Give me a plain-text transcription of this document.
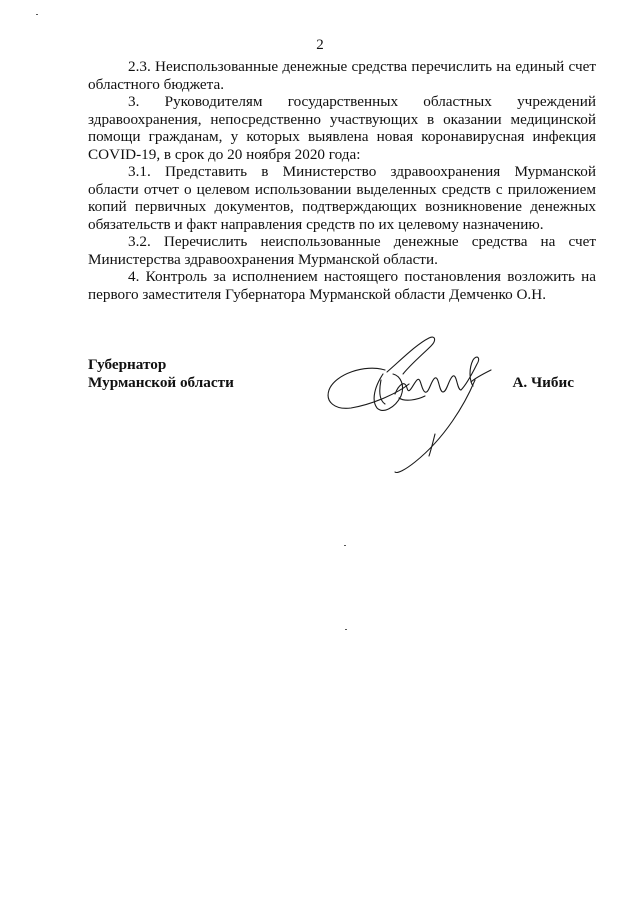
2

2.3. Неиспользованные денежные средства перечислить на единый счет областного бюджета.

3. Руководителям государственных областных учреждений здравоохранения, непосредственно участвующих в оказании медицинской помощи гражданам, у которых выявлена новая коронавирусная инфекция COVID-19, в срок до 20 ноября 2020 года:

3.1. Представить в Министерство здравоохранения Мурманской области отчет о целевом использовании выделенных средств с приложением копий первичных документов, подтверждающих возникновение денежных обязательств и факт направления средств по их целевому назначению.

3.2. Перечислить неиспользованные денежные средства на счет Министерства здравоохранения Мурманской области.

4. Контроль за исполнением настоящего постановления возложить на первого заместителя Губернатора Мурманской области Демченко О.Н.

Губернатор
Мурманской области	А. Чибис
